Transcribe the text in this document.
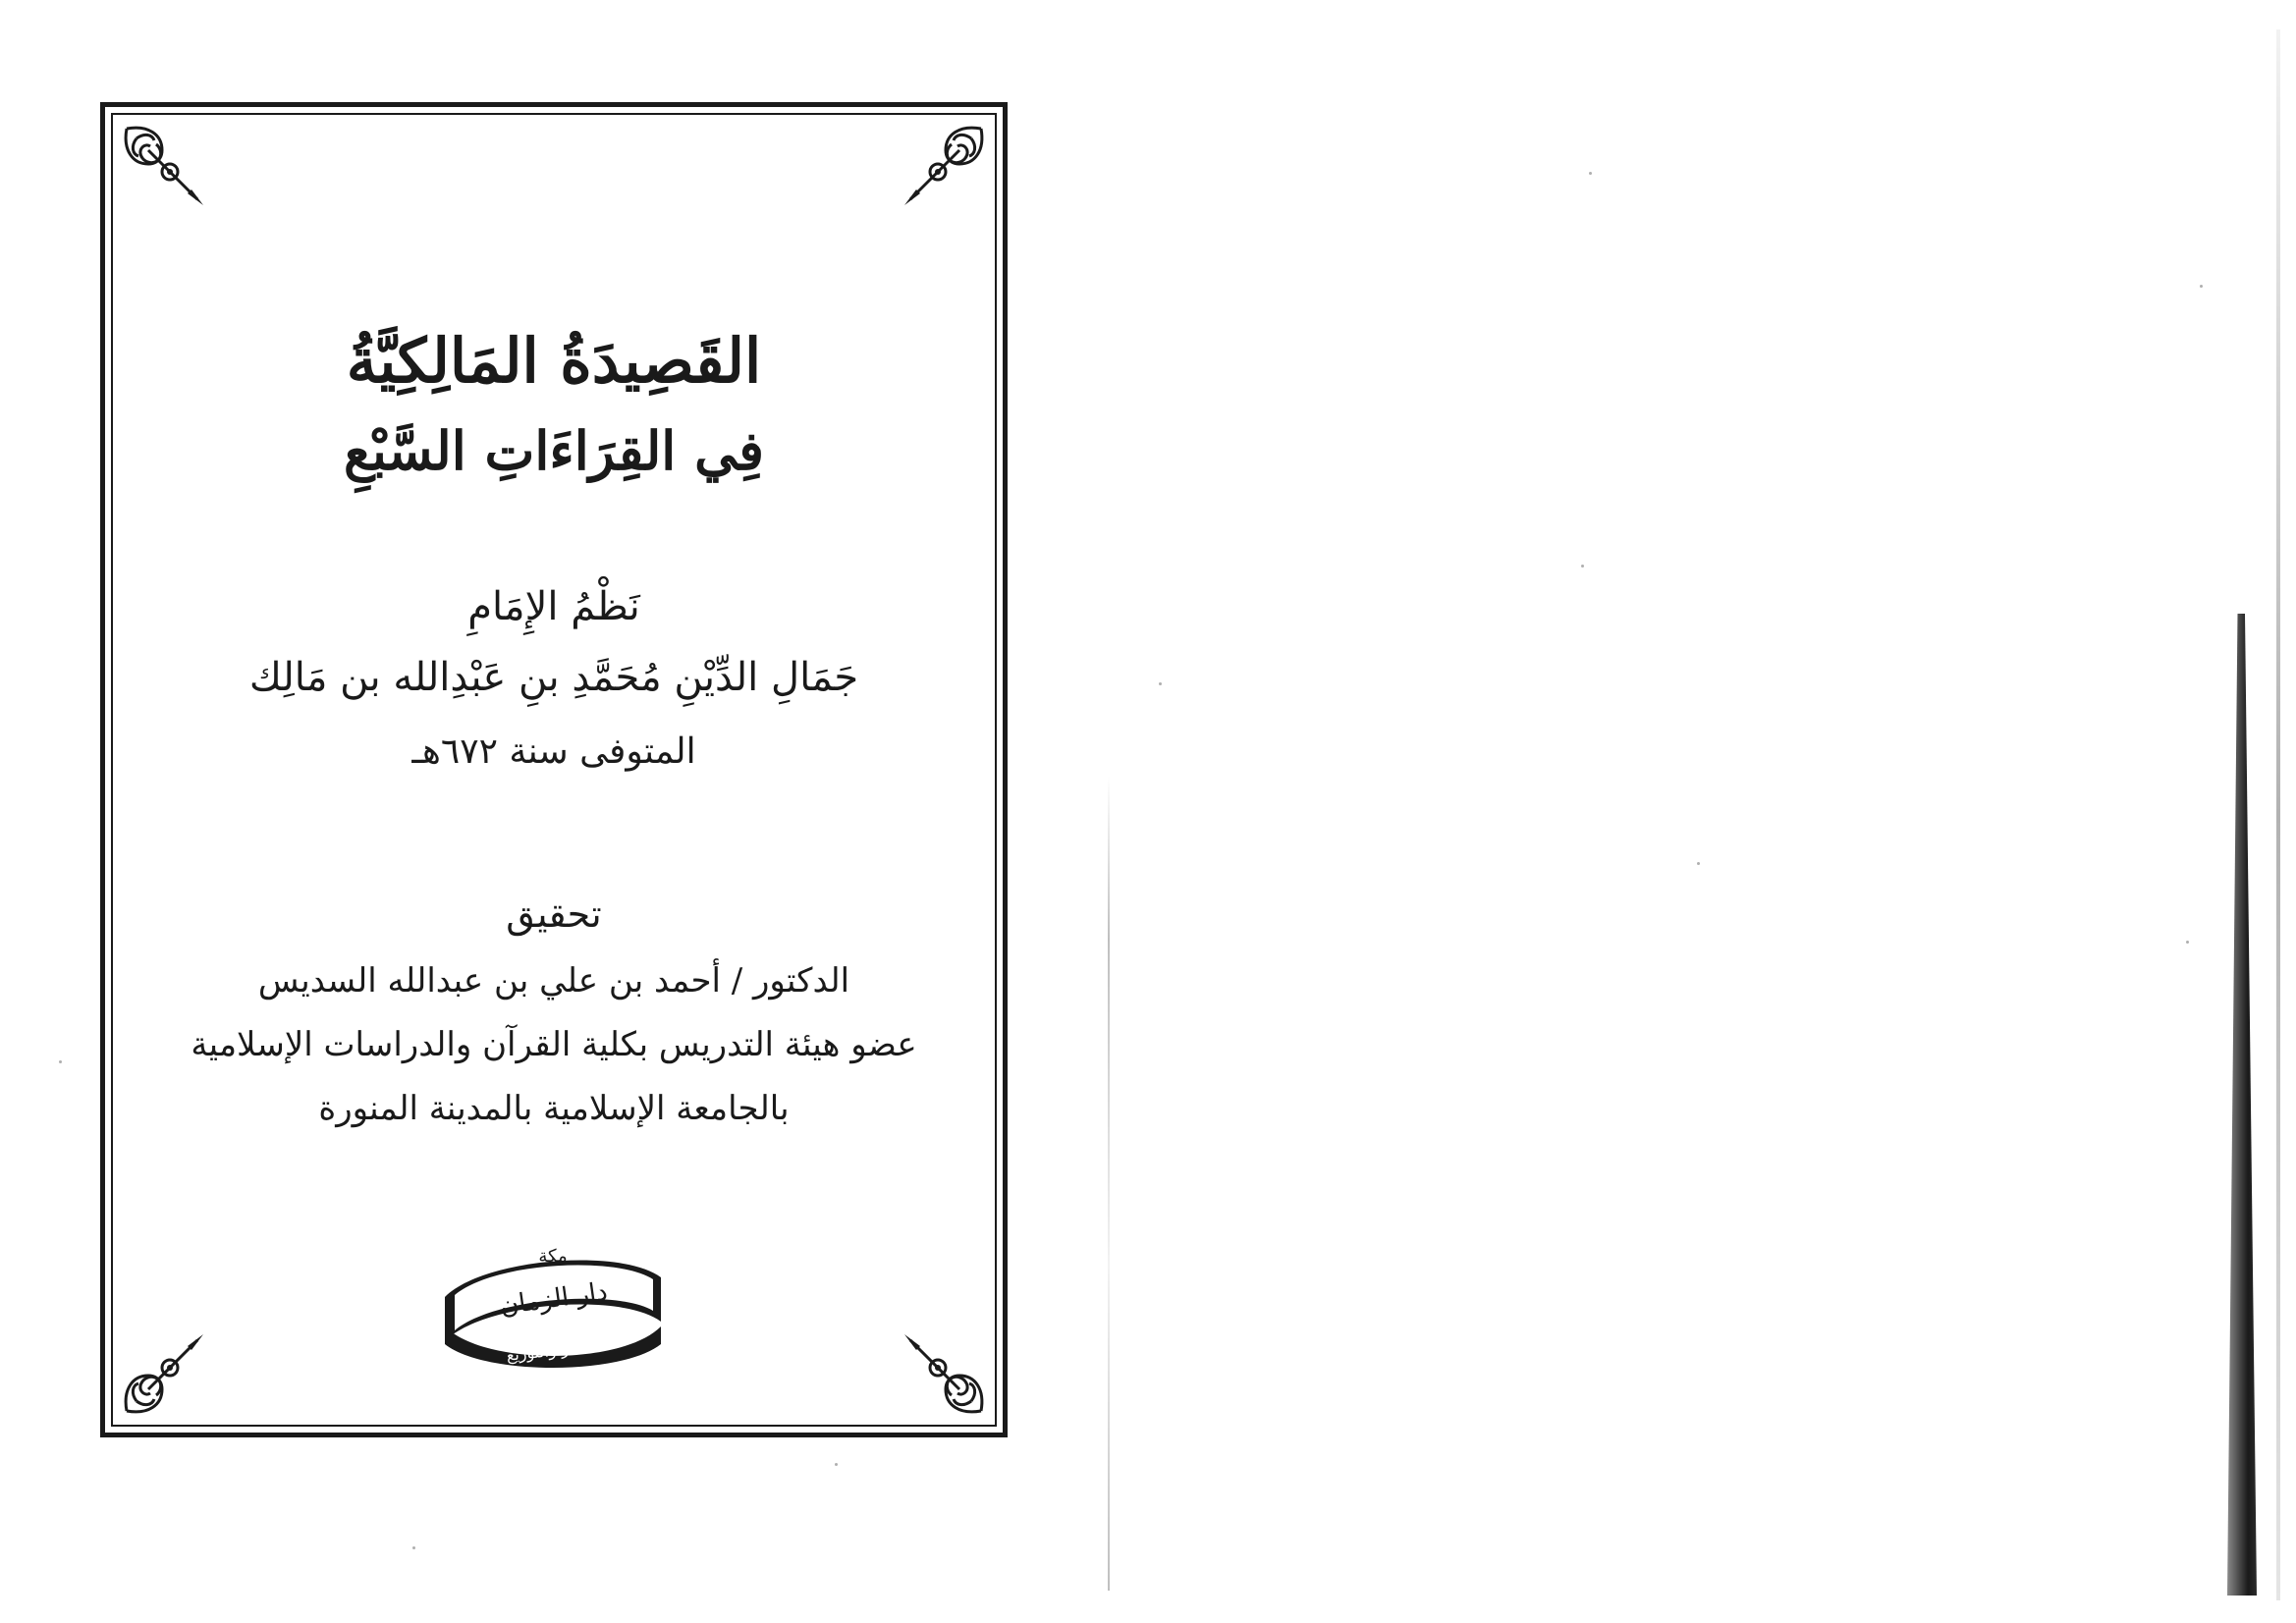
القَصِيدَةُ المَالِكِيَّةُ
فِي القِرَاءَاتِ السَّبْعِ
نَظْمُ الإِمَامِ
جَمَالِ الدِّيْنِ مُحَمَّدِ بنِ عَبْدِالله بن مَالِك
المتوفى سنة ٦٧٢هـ
تحقيق
الدكتور / أحمد بن علي بن عبدالله السديس
عضو هيئة التدريس بكلية القرآن والدراسات الإسلامية
بالجامعة الإسلامية بالمدينة المنورة
مكة
دار الزمان
للنشر والتوزيع
